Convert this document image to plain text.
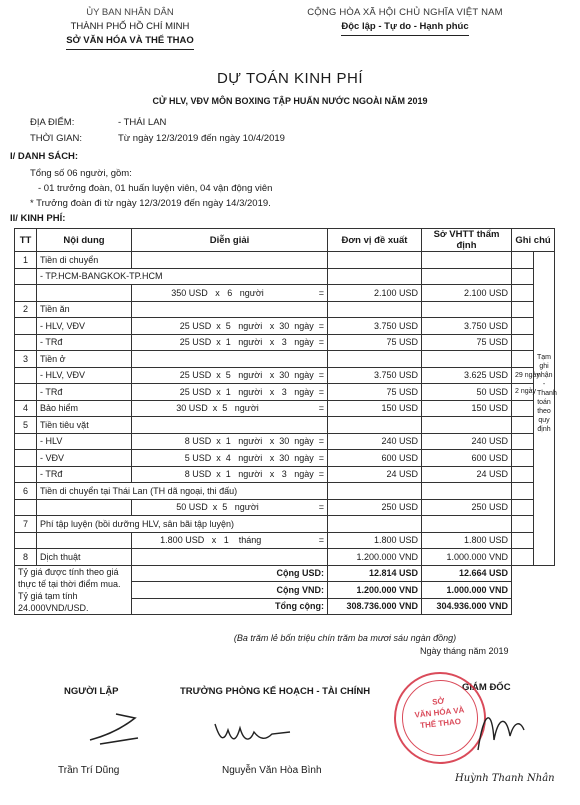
ỦY BAN NHÂN DÂN
THÀNH PHỐ HỒ CHÍ MINH
SỞ VĂN HÓA VÀ THỂ THAO
CỘNG HÒA XÃ HỘI CHỦ NGHĨA VIỆT NAM
Độc lập - Tự do - Hạnh phúc
DỰ TOÁN KINH PHÍ
CỬ HLV, VĐV MÔN BOXING TẬP HUẤN NƯỚC NGOÀI NĂM 2019
ĐỊA ĐIỂM:	- THÁI LAN
THỜI GIAN:	Từ ngày 12/3/2019 đến ngày 10/4/2019
I/ DANH SÁCH:
Tổng số 06 người, gồm:
- 01 trưởng đoàn, 01 huấn luyện viên, 04 vận động viên
* Trưởng đoàn đi từ ngày 12/3/2019 đến ngày 14/3/2019.
II/ KINH PHÍ:
TT	Nội dung	Diễn giải	Đơn vị đề xuất	Sở VHTT thẩm định	Ghi chú	
1	Tiền di chuyển					Tạm ghi nhận - Thanh toán theo quy định

	- TP.HCM-BANGKOK-TP.HCM					
		350 USD   x   6   người                      =	2.100 USD	2.100 USD		
2	Tiền ăn					
	- HLV, VĐV	25 USD  x  5   người   x  30  ngày  =	3.750 USD	3.750 USD		
	- TRđ	25 USD  x  1   người   x   3   ngày  =	75 USD	75 USD		
3	Tiền ở					
	- HLV, VĐV	25 USD  x  5   người   x  30  ngày  =	3.750 USD	3.625 USD	29 ngày	
	- TRđ	25 USD  x  1   người   x   3   ngày  =	75 USD	50 USD	2 ngày	
4	Bảo hiểm	30 USD  x  5   người                        =	150 USD	150 USD		
5	Tiền tiêu vặt					
	- HLV	8 USD  x  1   người   x  30  ngày  =	240 USD	240 USD		
	- VĐV	5 USD  x  4   người   x  30  ngày  =	600 USD	600 USD		
	- TRđ	8 USD  x  1   người   x   3   ngày  =	24 USD	24 USD		
6	Tiền di chuyển tại Thái Lan (TH dã ngoại, thi đấu)					
		50 USD  x  5   người                        =	250 USD	250 USD		
7	Phí tập luyện (bồi dưỡng HLV, sân bãi tập luyện)					
		1.800 USD   x   1    tháng                       =	1.800 USD	1.800 USD		
8	Dịch thuật		1.200.000 VND	1.000.000 VND		
Tỷ giá được tính theo giá thực tế tại thời điểm mua. Tỷ giá tạm tính 24.000VND/USD.		Cộng USD:	12.814 USD	12.664 USD		
		Cộng VND:	1.200.000 VND	1.000.000 VND		
		Tổng cộng:	308.736.000 VND	304.936.000 VND		
(Ba trăm lẻ bốn triệu chín trăm ba mươi sáu ngàn đồng)
Ngày tháng năm 2019
NGƯỜI LẬP	TRƯỞNG PHÒNG KẾ HOẠCH - TÀI CHÍNH	GIÁM ĐỐC
SỞ
VĂN HÓA VÀ
THỂ THAO
Trần Trí Dũng	Nguyễn Văn Hòa Bình
Huỳnh Thanh Nhân
